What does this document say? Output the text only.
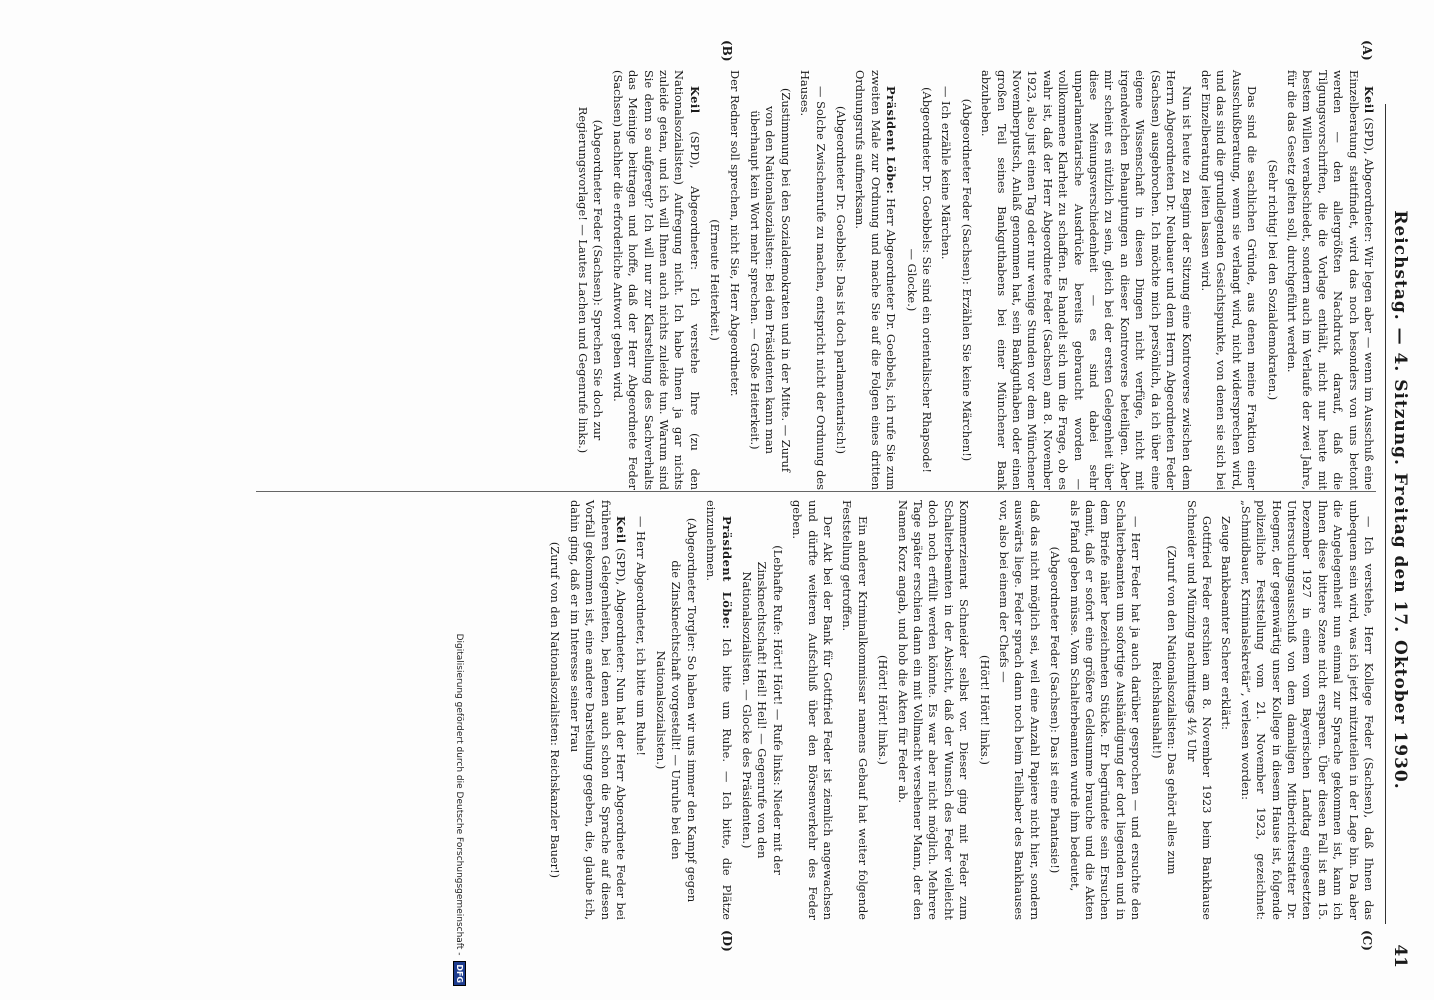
Reichstag. — 4. Sitzung. Freitag den 17. Oktober 1930.
41
(A)
(B)
(C)
(D)

Keil (SPD), Abgeordneter: Wir legen aber — wenn im Ausschuß eine Einzelberatung stattfindet, wird das noch besonders von uns betont werden — den allergrößten Nachdruck darauf, daß die Tilgungsvorschriften, die die Vorlage enthält, nicht nur heute mit bestem Willen verabschiedet, sondern auch im Verlaufe der zwei Jahre, für die das Gesetz gelten soll, durchgeführt werden.

(Sehr richtig! bei den Sozialdemokraten.)

Das sind die sachlichen Gründe, aus denen meine Fraktion einer Ausschußberatung, wenn sie verlangt wird, nicht widersprechen wird, und das sind die grundlegenden Gesichtspunkte, von denen sie sich bei der Einzelberatung leiten lassen wird.

Nun ist heute zu Beginn der Sitzung eine Kontroverse zwischen dem Herrn Abgeordneten Dr. Neubauer und dem Herrn Abgeordneten Feder (Sachsen) ausgebrochen. Ich möchte mich persönlich, da ich über eine eigene Wissenschaft in diesen Dingen nicht verfüge, nicht mit irgendwelchen Behauptungen an dieser Kontroverse beteiligen. Aber mir scheint es nützlich zu sein, gleich bei der ersten Gelegenheit über diese Meinungsverschiedenheit — es sind dabei sehr unparlamentarische Ausdrücke bereits gebraucht worden — vollkommene Klarheit zu schaffen. Es handelt sich um die Frage, ob es wahr ist, daß der Herr Abgeordnete Feder (Sachsen) am 8. November 1923, also just einen Tag oder nur wenige Stunden vor dem Münchener Novemberputsch, Anlaß genommen hat, sein Bankguthaben oder einen großen Teil seines Bankguthabens bei einer Münchener Bank abzuheben.

(Abgeordneter Feder (Sachsen): Erzählen Sie keine Märchen!)

— Ich erzähle keine Märchen.

(Abgeordneter Dr. Goebbels: Sie sind ein orientalischer Rhapsode! — Glocke.)

Präsident Löbe: Herr Abgeordneter Dr. Goebbels, ich rufe Sie zum zweiten Male zur Ordnung und mache Sie auf die Folgen eines dritten Ordnungsrufs aufmerksam.

(Abgeordneter Dr. Goebbels: Das ist doch parlamentarisch!)

— Solche Zwischenrufe zu machen, entspricht nicht der Ordnung des Hauses.

(Zustimmung bei den Sozialdemokraten und in der Mitte. — Zuruf von den Nationalsozialisten: Bei dem Präsidenten kann man überhaupt kein Wort mehr sprechen. — Große Heiterkeit.)

Der Redner soll sprechen, nicht Sie, Herr Abgeordneter.

(Erneute Heiterkeit.)

Keil (SPD), Abgeordneter: Ich verstehe Ihre (zu den Nationalsozialisten) Aufregung nicht. Ich habe Ihnen ja gar nichts zuleide getan, und ich will Ihnen auch nichts zuleide tun. Warum sind Sie denn so aufgeregt? Ich will nur zur Klarstellung des Sachverhalts das Meinige beitragen und hoffe, daß der Herr Abgeordnete Feder (Sachsen) nachher die erforderliche Antwort geben wird.

(Abgeordneter Feder (Sachsen): Sprechen Sie doch zur Regierungsvorlage! — Lautes Lachen und Gegenrufe links.)

— Ich verstehe, Herr Kollege Feder (Sachsen), daß Ihnen das unbequem sein wird, was ich jetzt mitzuteilen in der Lage bin. Da aber die Angelegenheit nun einmal zur Sprache gekommen ist, kann ich Ihnen diese bittere Szene nicht ersparen. Über diesen Fall ist am 15. Dezember 1927 in einem vom Bayerischen Landtag eingesetzten Untersuchungsausschuß von dem damaligen Mitberichterstatter Dr. Hoegner, der gegenwärtig unser Kollege in diesem Hause ist, folgende polizeiliche Feststellung vom 21. November 1923, gezeichnet: „Schmidbauer, Kriminalsekretär“, verlesen worden:

Zeuge Bankbeamter Scherer erklärt:

Gottfried Feder erschien am 8. November 1923 beim Bankhause Schneider und Münzing nachmittags 4½ Uhr

(Zuruf von den Nationalsozialisten: Das gehört alles zum Reichshaushalt!)

— Herr Feder hat ja auch darüber gesprochen — und ersuchte den Schalterbeamten um sofortige Aushändigung der dort liegenden und in dem Briefe näher bezeichneten Stücke. Er begründete sein Ersuchen damit, daß er sofort eine größere Geldsumme brauche und die Akten als Pfand geben müsse. Vom Schalterbeamten wurde ihm bedeutet,

(Abgeordneter Feder (Sachsen): Das ist eine Phantasie!)

daß das nicht möglich sei, weil eine Anzahl Papiere nicht hier, sondern auswärts liege. Feder sprach dann noch beim Teilhaber des Bankhauses vor, also bei einem der Chefs —

(Hört! Hört! links.)

Kommerzienrat Schneider selbst vor. Dieser ging mit Feder zum Schalterbeamten in der Absicht, daß der Wunsch des Feder vielleicht doch noch erfüllt werden könnte. Es war aber nicht möglich. Mehrere Tage später erschien dann ein mit Vollmacht versehener Mann, der den Namen Korz angab, und hob die Akten für Feder ab.

(Hört! Hört! links.)

Ein anderer Kriminalkommissar namens Gebauf hat weiter folgende Feststellung getroffen.

Der Akt bei der Bank für Gottfried Feder ist ziemlich angewachsen und dürfte weiteren Aufschluß über den Börsenverkehr des Feder geben.

(Lebhafte Rufe: Hört! Hört! — Rufe links: Nieder mit der Zinsknechtschaft! Heil! Heil! — Gegenrufe von den Nationalsozialisten. — Glocke des Präsidenten.)

Präsident Löbe: Ich bitte um Ruhe. — Ich bitte, die Plätze einzunehmen.

(Abgeordneter Torgler: So haben wir uns immer den Kampf gegen die Zinsknechtschaft vorgestellt! — Unruhe bei den Nationalsozialisten.)

— Herr Abgeordneter, ich bitte um Ruhe!

Keil (SPD), Abgeordneter: Nun hat der Herr Abgeordnete Feder bei früheren Gelegenheiten, bei denen auch schon die Sprache auf diesen Vorfall gekommen ist, eine andere Darstellung gegeben, die, glaube ich, dahin ging, daß er im Interesse seiner Frau

(Zuruf von den Nationalsozialisten: Reichskanzler Bauer!)

Digitalisierung gefördert durch die Deutsche Forschungsgemeinschaft - DFG
